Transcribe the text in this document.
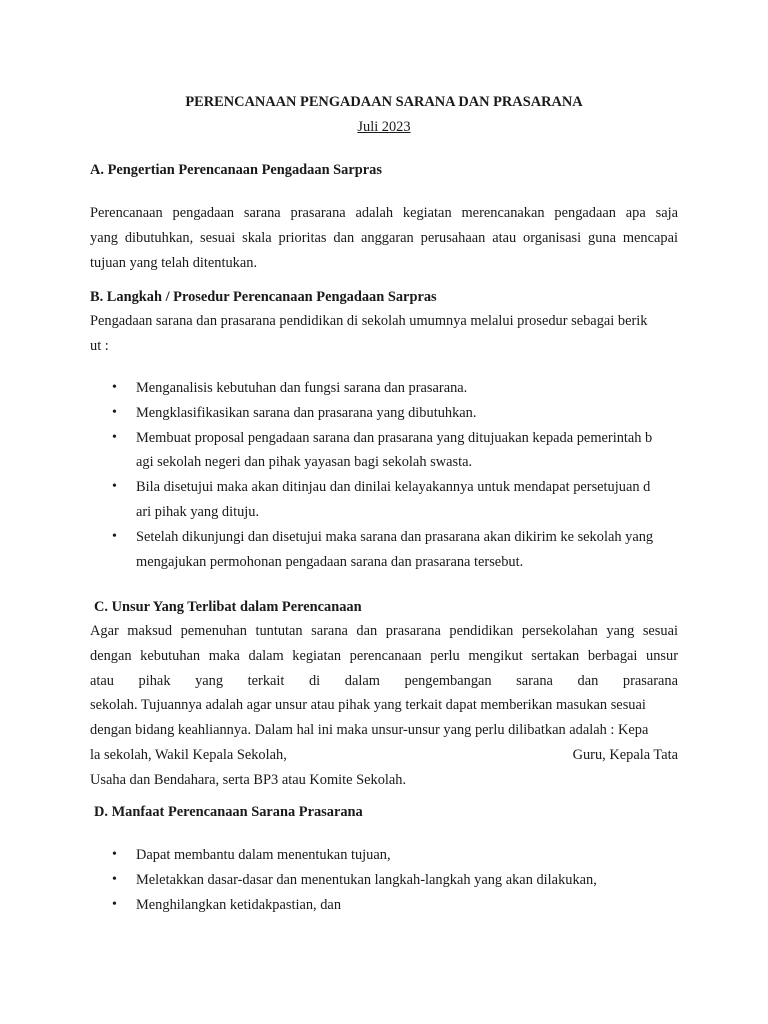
PERENCANAAN PENGADAAN SARANA DAN PRASARANA
Juli 2023
A. Pengertian Perencanaan Pengadaan Sarpras
Perencanaan pengadaan sarana prasarana adalah kegiatan merencanakan pengadaan apa saja
yang dibutuhkan, sesuai skala prioritas dan anggaran perusahaan atau organisasi guna mencapai
tujuan yang telah ditentukan.
B. Langkah / Prosedur Perencanaan Pengadaan Sarpras
Pengadaan sarana dan prasarana pendidikan di sekolah umumnya melalui prosedur sebagai berik
ut :
• Menganalisis kebutuhan dan fungsi sarana dan prasarana.
• Mengklasifikasikan sarana dan prasarana yang dibutuhkan.
• Membuat proposal pengadaan sarana dan prasarana yang ditujuakan kepada pemerintah b
agi sekolah negeri dan pihak yayasan bagi sekolah swasta.
• Bila disetujui maka akan ditinjau dan dinilai kelayakannya untuk mendapat persetujuan d
ari pihak yang dituju.
• Setelah dikunjungi dan disetujui maka sarana dan prasarana akan dikirim ke sekolah yang
mengajukan permohonan pengadaan sarana dan prasarana tersebut.
C. Unsur Yang Terlibat dalam Perencanaan
Agar maksud pemenuhan tuntutan sarana dan prasarana pendidikan persekolahan yang sesuai
dengan kebutuhan maka dalam kegiatan perencanaan perlu mengikut sertakan berbagai unsur
atau pihak yang terkait di dalam pengembangan sarana dan prasarana
sekolah. Tujuannya adalah agar unsur atau pihak yang terkait dapat memberikan masukan sesuai
dengan bidang keahliannya. Dalam hal ini maka unsur-unsur yang perlu dilibatkan adalah : Kepa
la sekolah, Wakil Kepala Sekolah,	Guru, Kepala Tata
Usaha dan Bendahara, serta BP3 atau Komite Sekolah.
D. Manfaat Perencanaan Sarana Prasarana
• Dapat membantu dalam menentukan tujuan,
• Meletakkan dasar-dasar dan menentukan langkah-langkah yang akan dilakukan,
• Menghilangkan ketidakpastian, dan
